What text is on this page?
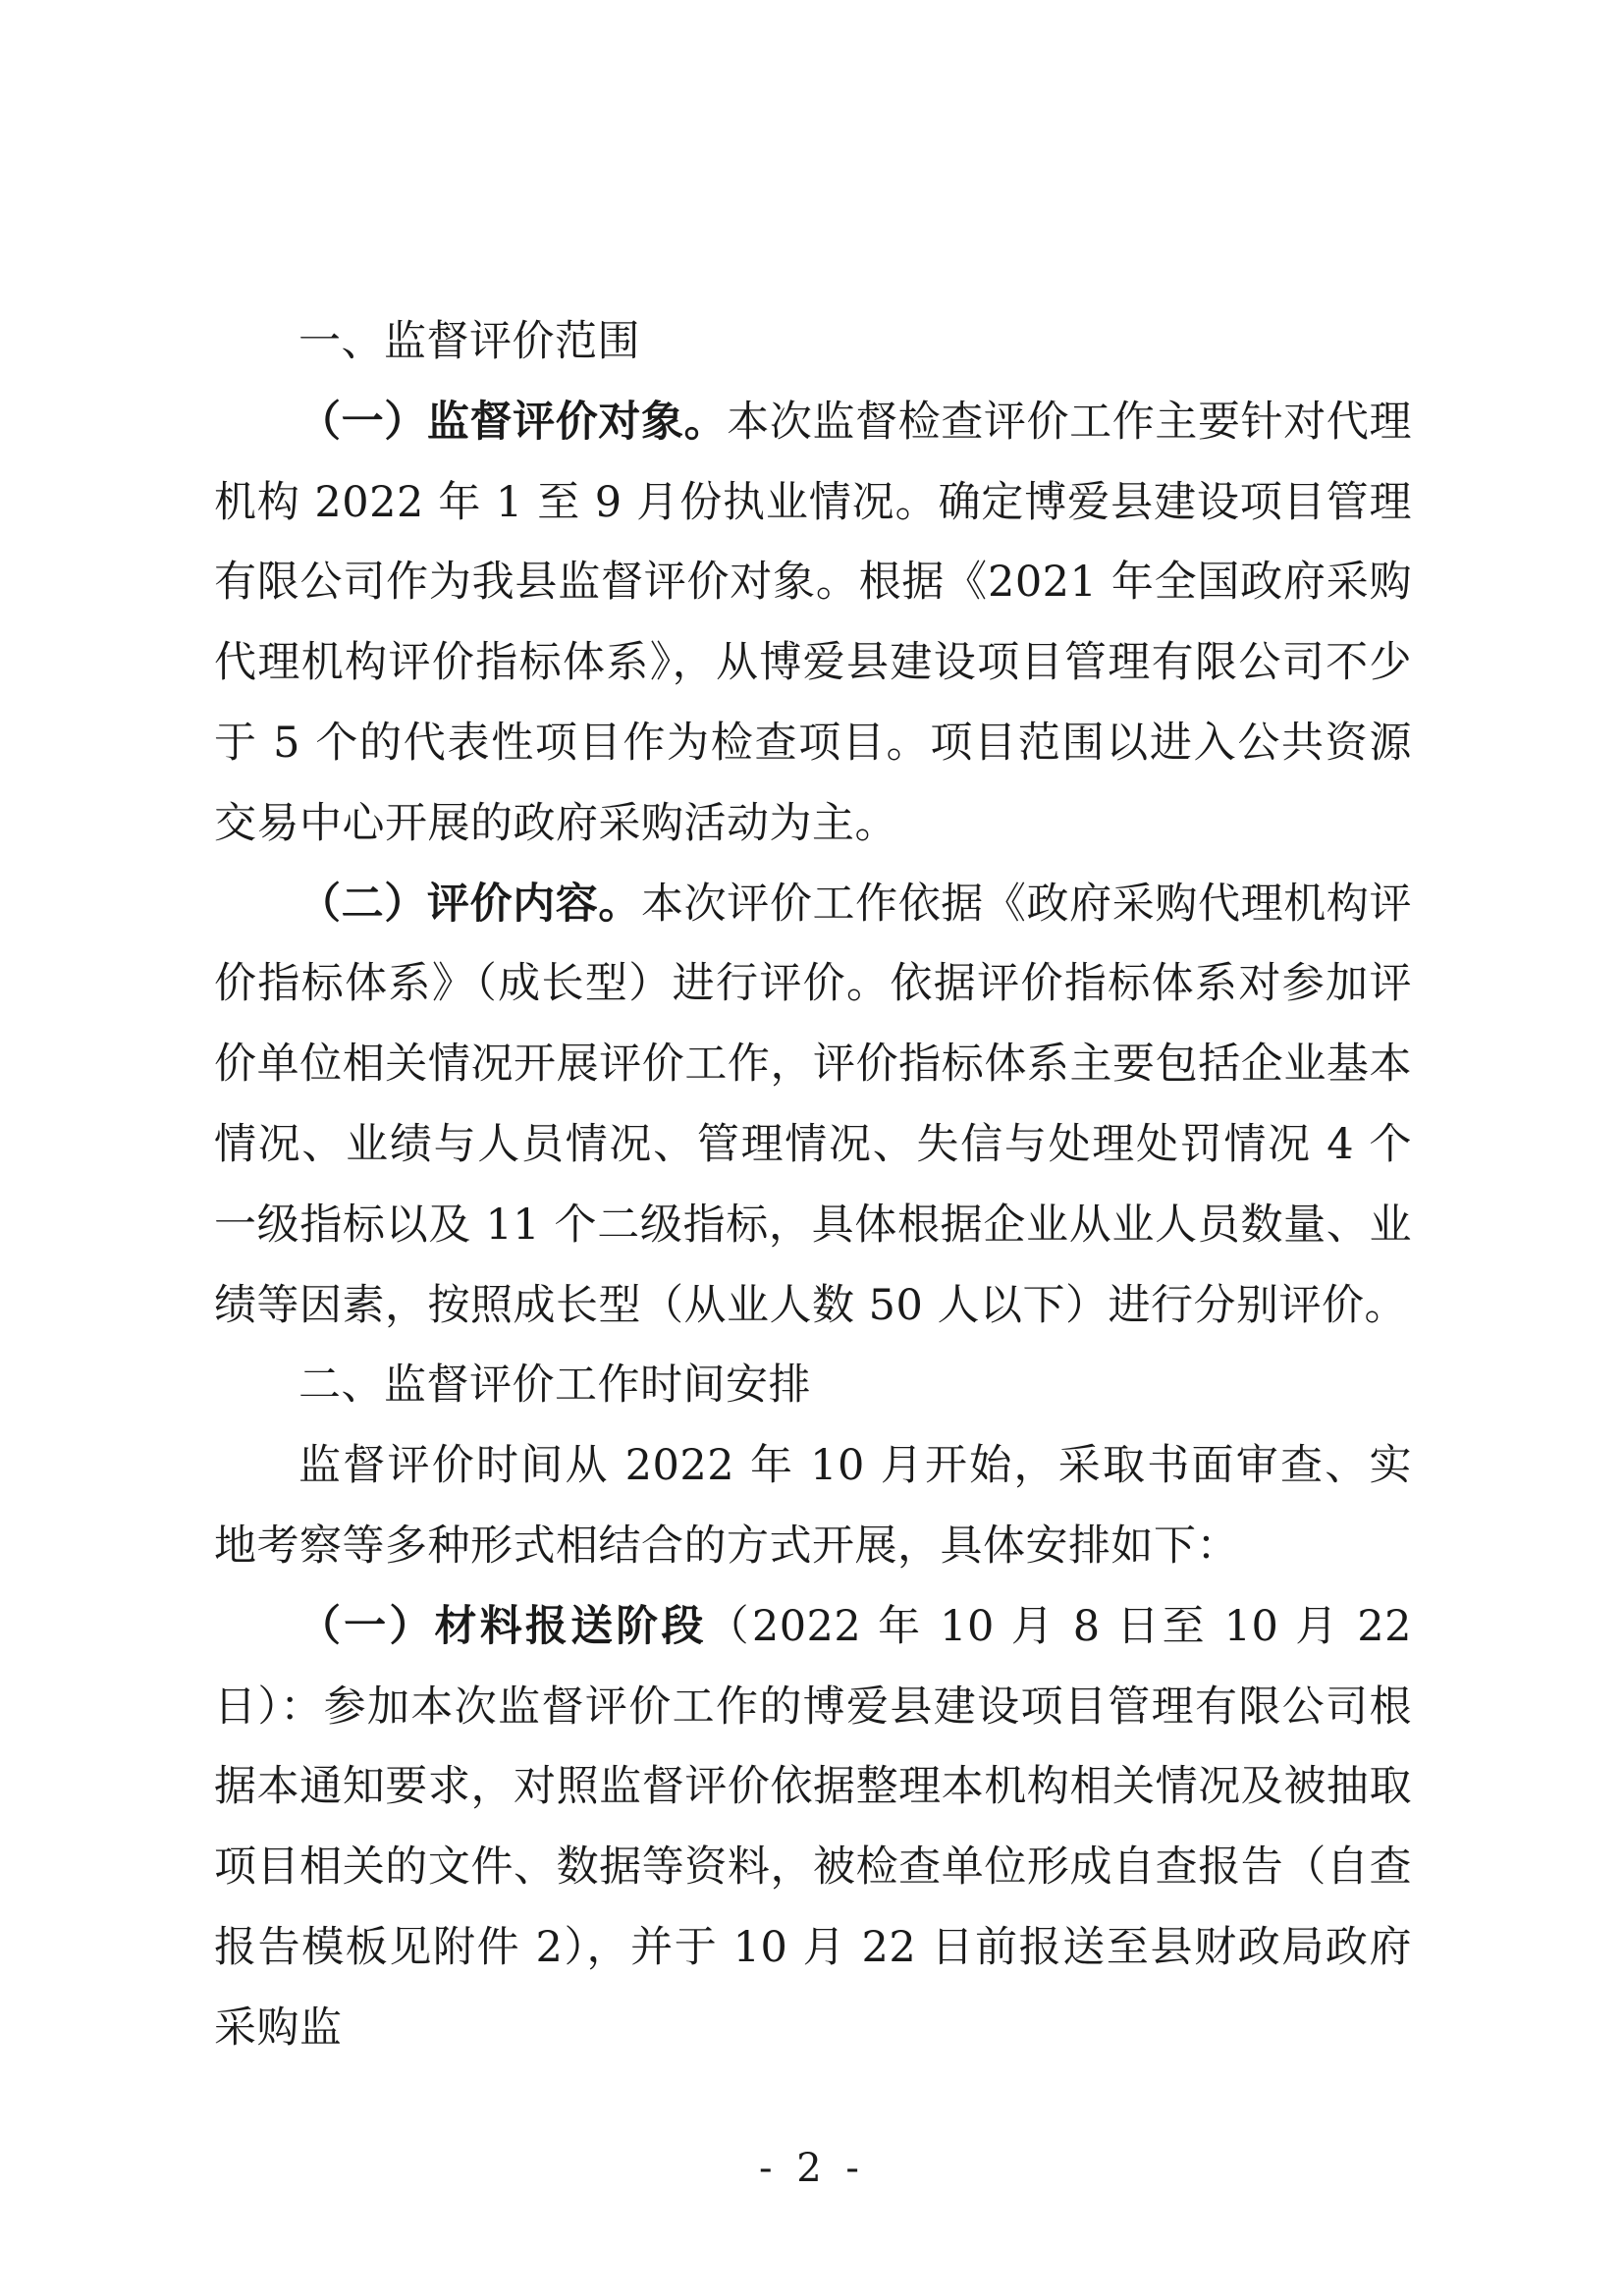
一、监督评价范围

（一）监督评价对象。本次监督检查评价工作主要针对代理机构 2022 年 1 至 9 月份执业情况。确定博爱县建设项目管理有限公司作为我县监督评价对象。根据《2021 年全国政府采购代理机构评价指标体系》，从博爱县建设项目管理有限公司不少于 5 个的代表性项目作为检查项目。项目范围以进入公共资源交易中心开展的政府采购活动为主。

（二）评价内容。本次评价工作依据《政府采购代理机构评价指标体系》（成长型）进行评价。依据评价指标体系对参加评价单位相关情况开展评价工作，评价指标体系主要包括企业基本情况、业绩与人员情况、管理情况、失信与处理处罚情况 4 个一级指标以及 11 个二级指标，具体根据企业从业人员数量、业绩等因素，按照成长型（从业人数 50 人以下）进行分别评价。

二、监督评价工作时间安排

监督评价时间从 2022 年 10 月开始，采取书面审查、实地考察等多种形式相结合的方式开展，具体安排如下：

（一）材料报送阶段（2022 年 10 月 8 日至 10 月 22 日）：参加本次监督评价工作的博爱县建设项目管理有限公司根据本通知要求，对照监督评价依据整理本机构相关情况及被抽取项目相关的文件、数据等资料，被检查单位形成自查报告（自查报告模板见附件 2），并于 10 月 22 日前报送至县财政局政府采购监

- 2 -
